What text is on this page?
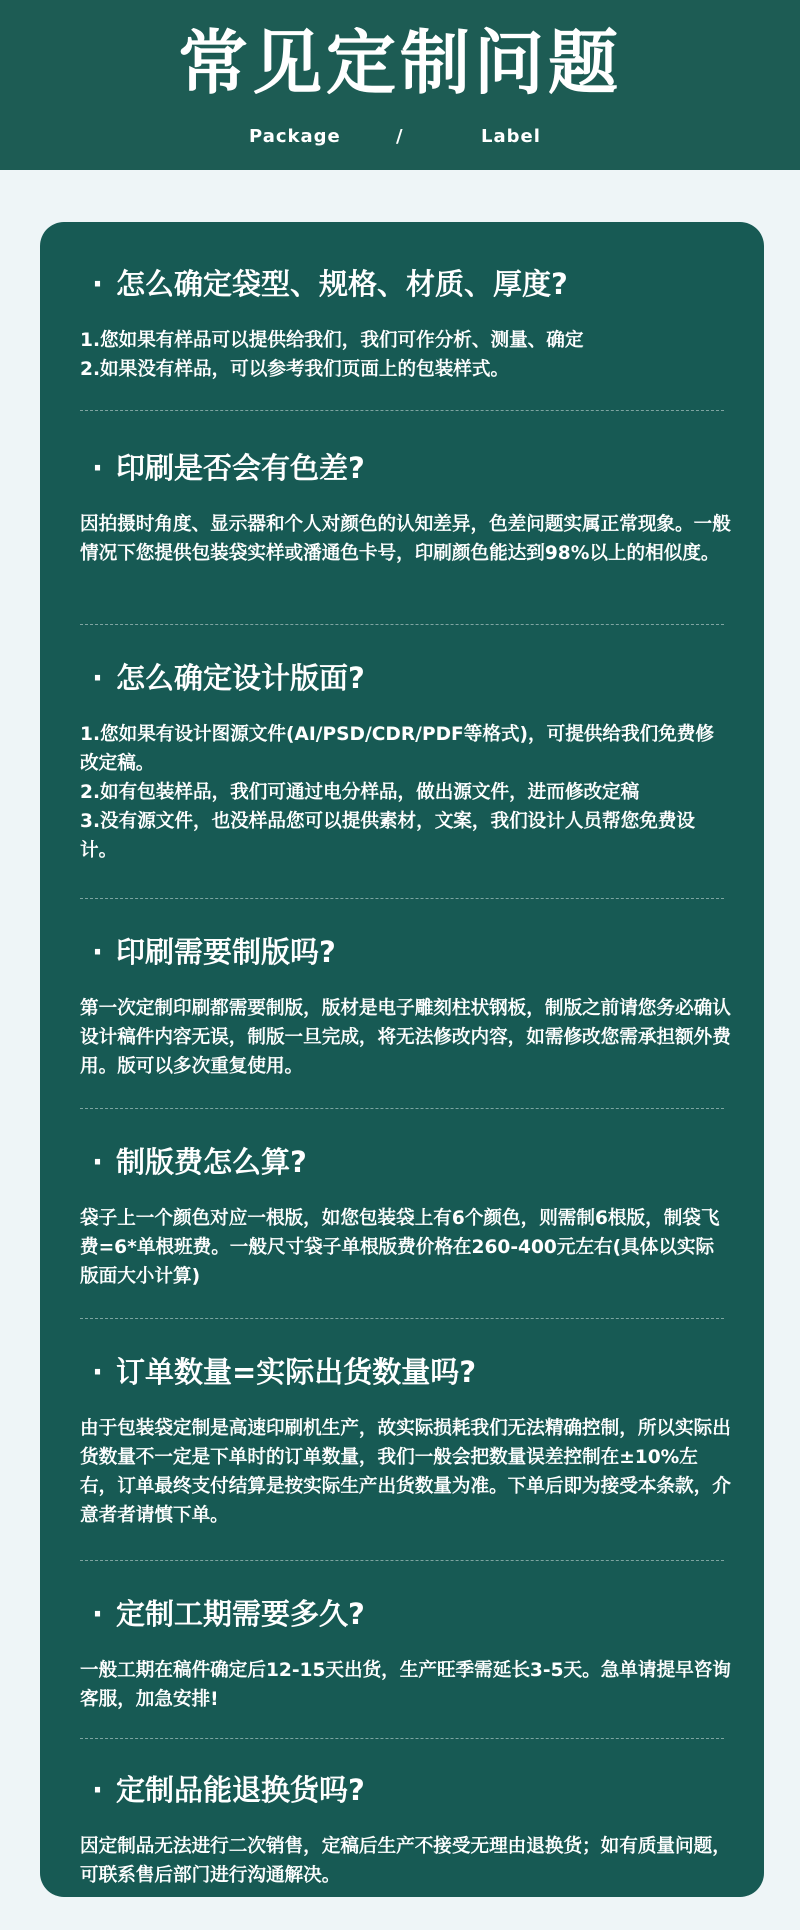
常见定制问题
Package	/	Label
· 怎么确定袋型、规格、材质、厚度?

1.您如果有样品可以提供给我们，我们可作分析、测量、确定

2.如果没有样品，可以参考我们页面上的包装样式。

· 印刷是否会有色差?

因拍摄时角度、显示器和个人对颜色的认知差异，色差问题实属正常现象。一般情况下您提供包装袋实样或潘通色卡号，印刷颜色能达到98%以上的相似度。

· 怎么确定设计版面?

1.您如果有设计图源文件(AI/PSD/CDR/PDF等格式)，可提供给我们免费修改定稿。

2.如有包装样品，我们可通过电分样品，做出源文件，进而修改定稿

3.没有源文件，也没样品您可以提供素材，文案，我们设计人员帮您免费设计。

· 印刷需要制版吗?

第一次定制印刷都需要制版，版材是电子雕刻柱状钢板，制版之前请您务必确认设计稿件内容无误，制版一旦完成，将无法修改内容，如需修改您需承担额外费用。版可以多次重复使用。

· 制版费怎么算?

袋子上一个颜色对应一根版，如您包装袋上有6个颜色，则需制6根版，制袋飞费=6*单根班费。一般尺寸袋子单根版费价格在260-400元左右(具体以实际版面大小计算)

· 订单数量=实际出货数量吗?

由于包装袋定制是高速印刷机生产，故实际损耗我们无法精确控制，所以实际出货数量不一定是下单时的订单数量，我们一般会把数量误差控制在±10%左右，订单最终支付结算是按实际生产出货数量为准。下单后即为接受本条款，介意者者请慎下单。

· 定制工期需要多久?

一般工期在稿件确定后12-15天出货，生产旺季需延长3-5天。急单请提早咨询客服，加急安排!

· 定制品能退换货吗?

因定制品无法进行二次销售，定稿后生产不接受无理由退换货；如有质量问题，可联系售后部门进行沟通解决。
